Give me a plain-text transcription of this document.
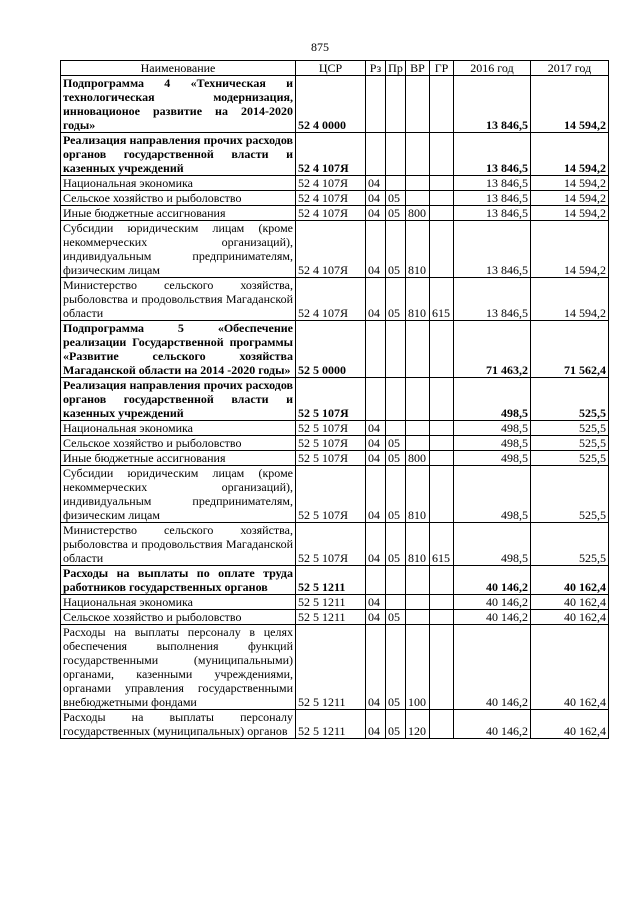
875
Наименование	ЦСР	Рз	Пр	ВР	ГР	2016 год	2017 год
Подпрограмма 4 «Техническая и технологическая модернизация, инновационое развитие на 2014-2020 годы»	52 4 0000					13 846,5	14 594,2
Реализация направления прочих расходов органов государственной власти и казенных учреждений	52 4 107Я					13 846,5	14 594,2
Национальная экономика	52 4 107Я	04				13 846,5	14 594,2
Сельское хозяйство и рыболовство	52 4 107Я	04	05			13 846,5	14 594,2
Иные бюджетные ассигнования	52 4 107Я	04	05	800		13 846,5	14 594,2
Субсидии юридическим лицам (кроме некоммерческих организаций), индивидуальным предпринимателям, физическим лицам	52 4 107Я	04	05	810		13 846,5	14 594,2
Министерство сельского хозяйства, рыболовства и продовольствия Магаданской области	52 4 107Я	04	05	810	615	13 846,5	14 594,2
Подпрограмма 5 «Обеспечение реализации Государственной программы «Развитие сельского хозяйства Магаданской области на 2014 -2020 годы»	52 5 0000					71 463,2	71 562,4
Реализация направления прочих расходов органов государственной власти и казенных учреждений	52 5 107Я					498,5	525,5
Национальная экономика	52 5 107Я	04				498,5	525,5
Сельское хозяйство и рыболовство	52 5 107Я	04	05			498,5	525,5
Иные бюджетные ассигнования	52 5 107Я	04	05	800		498,5	525,5
Субсидии юридическим лицам (кроме некоммерческих организаций), индивидуальным предпринимателям, физическим лицам	52 5 107Я	04	05	810		498,5	525,5
Министерство сельского хозяйства, рыболовства и продовольствия Магаданской области	52 5 107Я	04	05	810	615	498,5	525,5
Расходы на выплаты по оплате труда работников государственных органов	52 5 1211					40 146,2	40 162,4
Национальная экономика	52 5 1211	04				40 146,2	40 162,4
Сельское хозяйство и рыболовство	52 5 1211	04	05			40 146,2	40 162,4
Расходы на выплаты персоналу в целях обеспечения выполнения функций государственными (муниципальными) органами, казенными учреждениями, органами управления государственными внебюджетными фондами	52 5 1211	04	05	100		40 146,2	40 162,4
Расходы на выплаты персоналу государственных (муниципальных) органов	52 5 1211	04	05	120		40 146,2	40 162,4
